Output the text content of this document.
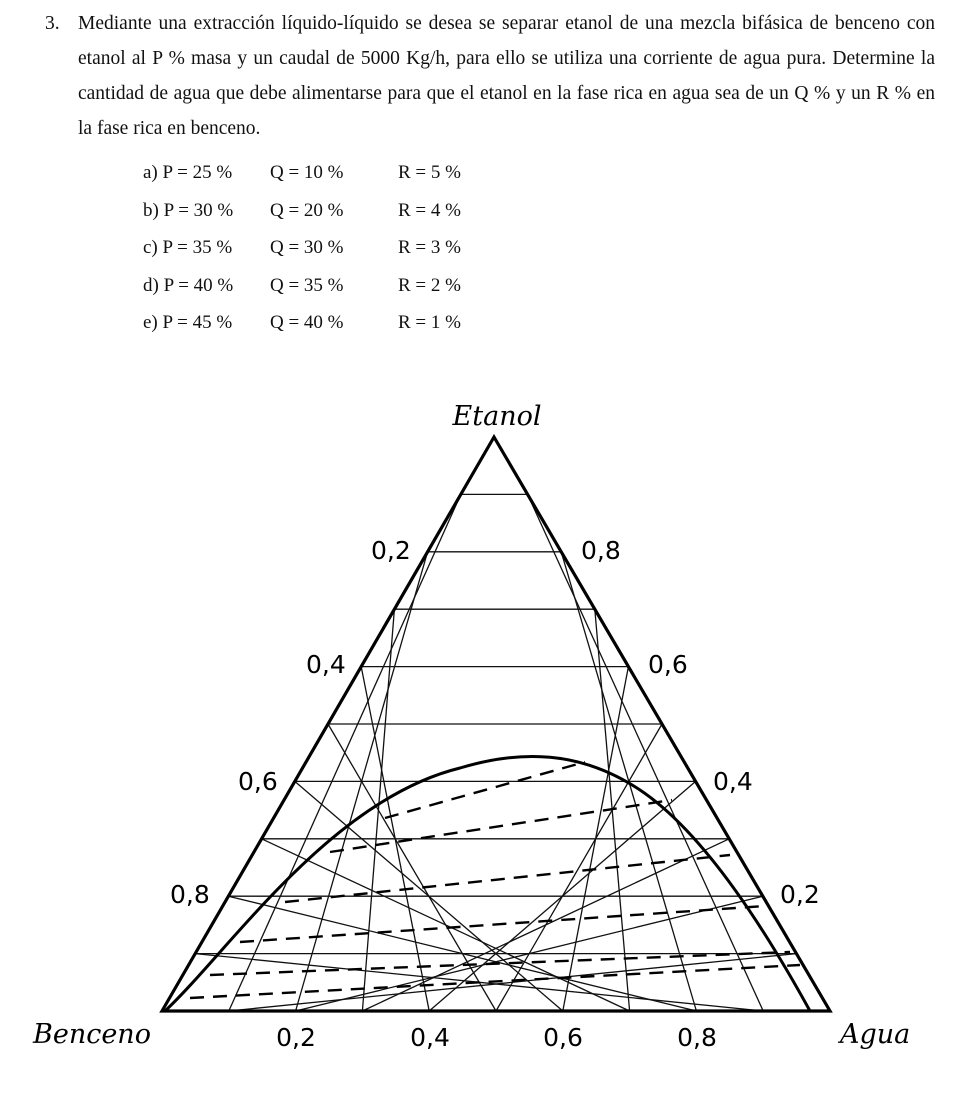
3. Mediante una extracción líquido-líquido se desea se separar etanol de una mezcla bifásica de benceno con etanol al P % masa y un caudal de 5000 Kg/h, para ello se utiliza una corriente de agua pura. Determine la cantidad de agua que debe alimentarse para que el etanol en la fase rica en agua sea de un Q % y un R % en la fase rica en benceno.
a) P = 25 % Q = 10 %	R = 5 %
b) P = 30 % Q = 20 %	R = 4 %
c) P = 35 % Q = 30 %	R = 3 %
d) P = 40 % Q = 35 %	R = 2 %
e) P = 45 % Q = 40 %	R = 1 %
Etanol
Benceno	Agua
0,2
0,4
0,6
0,8
0,8
0,6
0,4
0,2
0,2	0,4	0,6	0,8
